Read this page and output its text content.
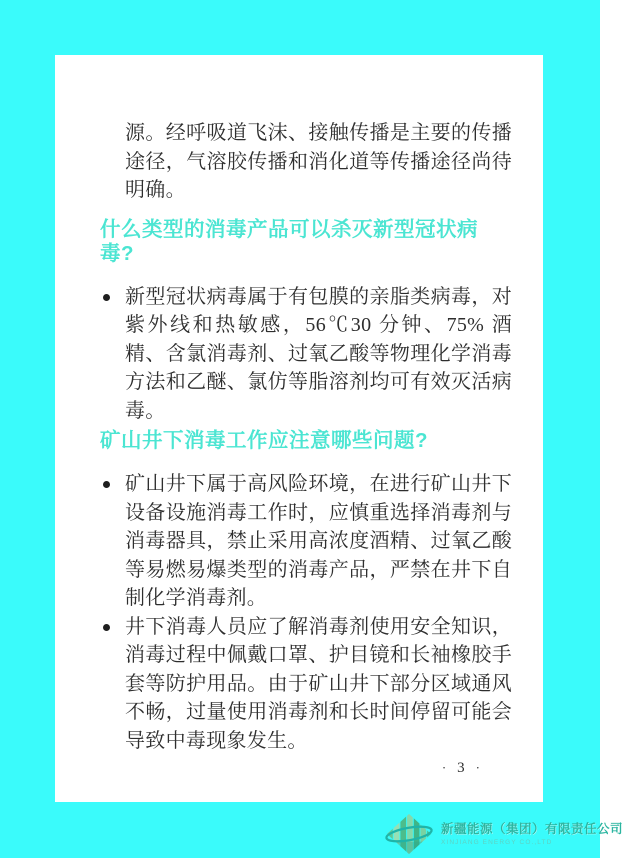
源。经呼吸道飞沫、接触传播是主要的传播途径，气溶胶传播和消化道等传播途径尚待明确。

什么类型的消毒产品可以杀灭新型冠状病毒?
新型冠状病毒属于有包膜的亲脂类病毒，对紫外线和热敏感，56℃30 分钟、75% 酒精、含氯消毒剂、过氧乙酸等物理化学消毒方法和乙醚、氯仿等脂溶剂均可有效灭活病毒。
矿山井下消毒工作应注意哪些问题?
矿山井下属于高风险环境，在进行矿山井下设备设施消毒工作时，应慎重选择消毒剂与消毒器具，禁止采用高浓度酒精、过氧乙酸等易燃易爆类型的消毒产品，严禁在井下自制化学消毒剂。
井下消毒人员应了解消毒剂使用安全知识，消毒过程中佩戴口罩、护目镜和长袖橡胶手套等防护用品。由于矿山井下部分区域通风不畅，过量使用消毒剂和长时间停留可能会导致中毒现象发生。
· 3 ·
新疆能源（集团）有限责任公司
XINJIANG ENERGY CO.,LTD
